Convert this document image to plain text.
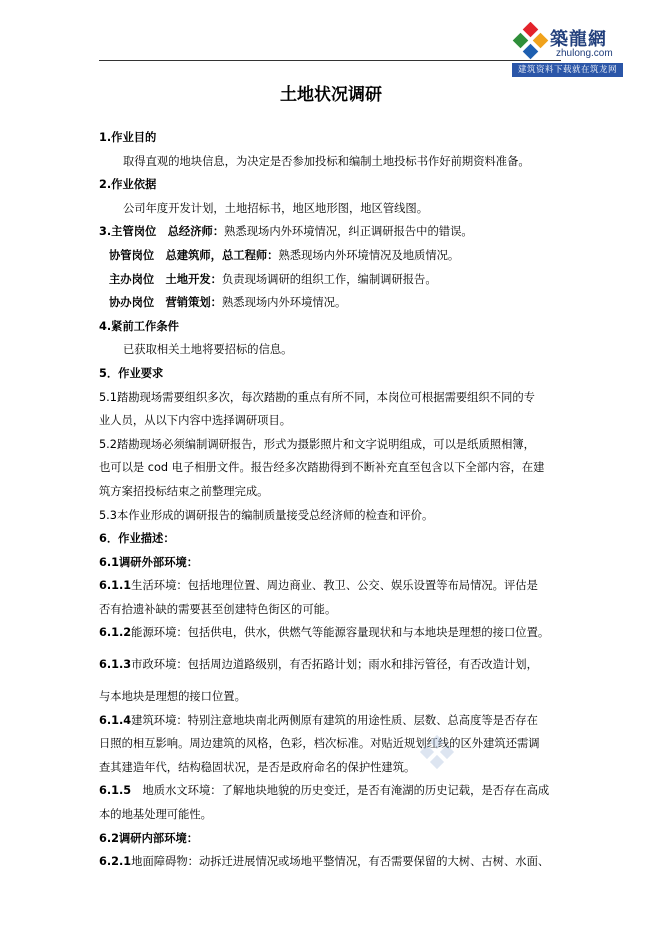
築龍網
zhulong.com
建筑资料下载就在筑龙网
土地状况调研
1.作业目的
取得直观的地块信息，为决定是否参加投标和编制土地投标书作好前期资料准备。
2.作业依据
公司年度开发计划，土地招标书，地区地形图，地区管线图。
3.主管岗位　总经济师：熟悉现场内外环境情况，纠正调研报告中的错误。
协管岗位　总建筑师，总工程师：熟悉现场内外环境情况及地质情况。
主办岗位　土地开发：负责现场调研的组织工作，编制调研报告。
协办岗位　营销策划：熟悉现场内外环境情况。
4.紧前工作条件
已获取相关土地将要招标的信息。
5．作业要求
5.1踏勘现场需要组织多次，每次踏勘的重点有所不同，本岗位可根据需要组织不同的专
业人员，从以下内容中选择调研项目。
5.2踏勘现场必须编制调研报告，形式为摄影照片和文字说明组成，可以是纸质照相簿，
也可以是 cod 电子相册文件。报告经多次踏勘得到不断补充直至包含以下全部内容，在建
筑方案招投标结束之前整理完成。
5.3本作业形成的调研报告的编制质量接受总经济师的检查和评价。
6．作业描述：
6.1调研外部环境：
6.1.1生活环境：包括地理位置、周边商业、教卫、公交、娱乐设置等布局情况。评估是
否有拾遗补缺的需要甚至创建特色街区的可能。
6.1.2能源环境：包括供电，供水，供燃气等能源容量现状和与本地块是理想的接口位置。
6.1.3市政环境：包括周边道路级别，有否拓路计划；雨水和排污管径，有否改造计划，
与本地块是理想的接口位置。
6.1.4建筑环境：特别注意地块南北两侧原有建筑的用途性质、层数、总高度等是否存在
日照的相互影响。周边建筑的风格，色彩，档次标准。对贴近规划红线的区外建筑还需调
查其建造年代，结构稳固状况，是否是政府命名的保护性建筑。
6.1.5　地质水文环境：了解地块地貌的历史变迁，是否有淹湖的历史记载，是否存在高成
本的地基处理可能性。
6.2调研内部环境：
6.2.1地面障碍物：动拆迁进展情况或场地平整情况，有否需要保留的大树、古树、水面、
